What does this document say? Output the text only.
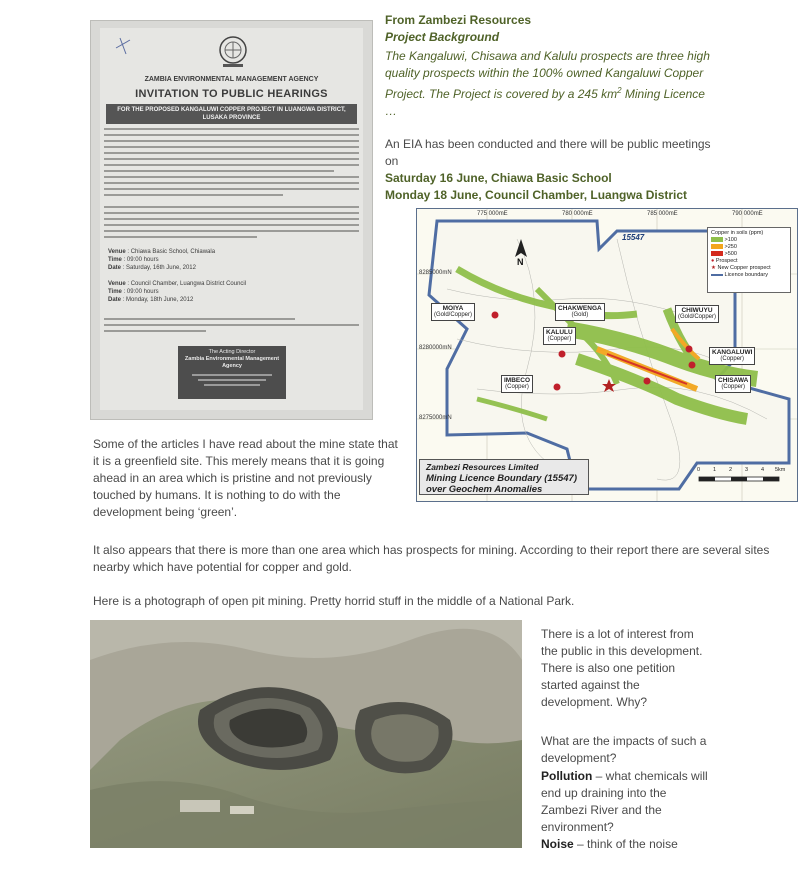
ZAMBIA ENVIRONMENTAL MANAGEMENT AGENCY
INVITATION TO PUBLIC HEARINGS
FOR THE PROPOSED KANGALUWI COPPER PROJECT IN LUANGWA DISTRICT, LUSAKA PROVINCE
Venue : Chiawa Basic School, Chiawala
Time : 09:00 hours
Date : Saturday, 16th June, 2012
Venue : Council Chamber, Luangwa District Council
Time : 09:00 hours
Date : Monday, 18th June, 2012
The Acting Director
Zambia Environmental Management Agency
From Zambezi Resources
Project Background
The Kangaluwi, Chisawa and Kalulu prospects are three high quality prospects within the 100% owned Kangaluwi Copper Project. The Project is covered by a 245 $km^2$ Mining Licence …
An EIA has been conducted and there will be public meetings on
Saturday 16 June, Chiawa Basic School
Monday 18 June, Council Chamber, Luangwa District
775 000mE	780 000mE	785 000mE	790 000mE
8285000mN
8280000mN
8275000mN
N
15547	Copper in soils (ppm)
>100
>250
>500
● Prospect
★ New Copper prospect
Licence boundary
MOIYA
(Gold/Copper)
CHAKWENGA
(Gold)
CHIWUYU
(Gold/Copper)
KALULU
(Copper)
KANGALUWI
(Copper)
CHISAWA
(Copper)
IMBECO
(Copper)
Zambezi Resources Limited
Mining Licence Boundary (15547)
over Geochem Anomalies
0 1 2 3 4 5km
Some of the articles I have read about the mine state that it is a greenfield site. This merely means that it is going ahead in an area which is pristine and not previously touched by humans. It is nothing to do with the development being ‘green’.
It also appears that there is more than one area which has prospects for mining. According to their report there are several sites nearby which have potential for copper and gold.
Here is a photograph of open pit mining. Pretty horrid stuff in the middle of a National Park.
There is a lot of interest from the public in this development. There is also one petition started against the development. Why?
What are the impacts of such a development?
Pollution – what chemicals will end up draining into the Zambezi River and the environment?
Noise – think of the noise
